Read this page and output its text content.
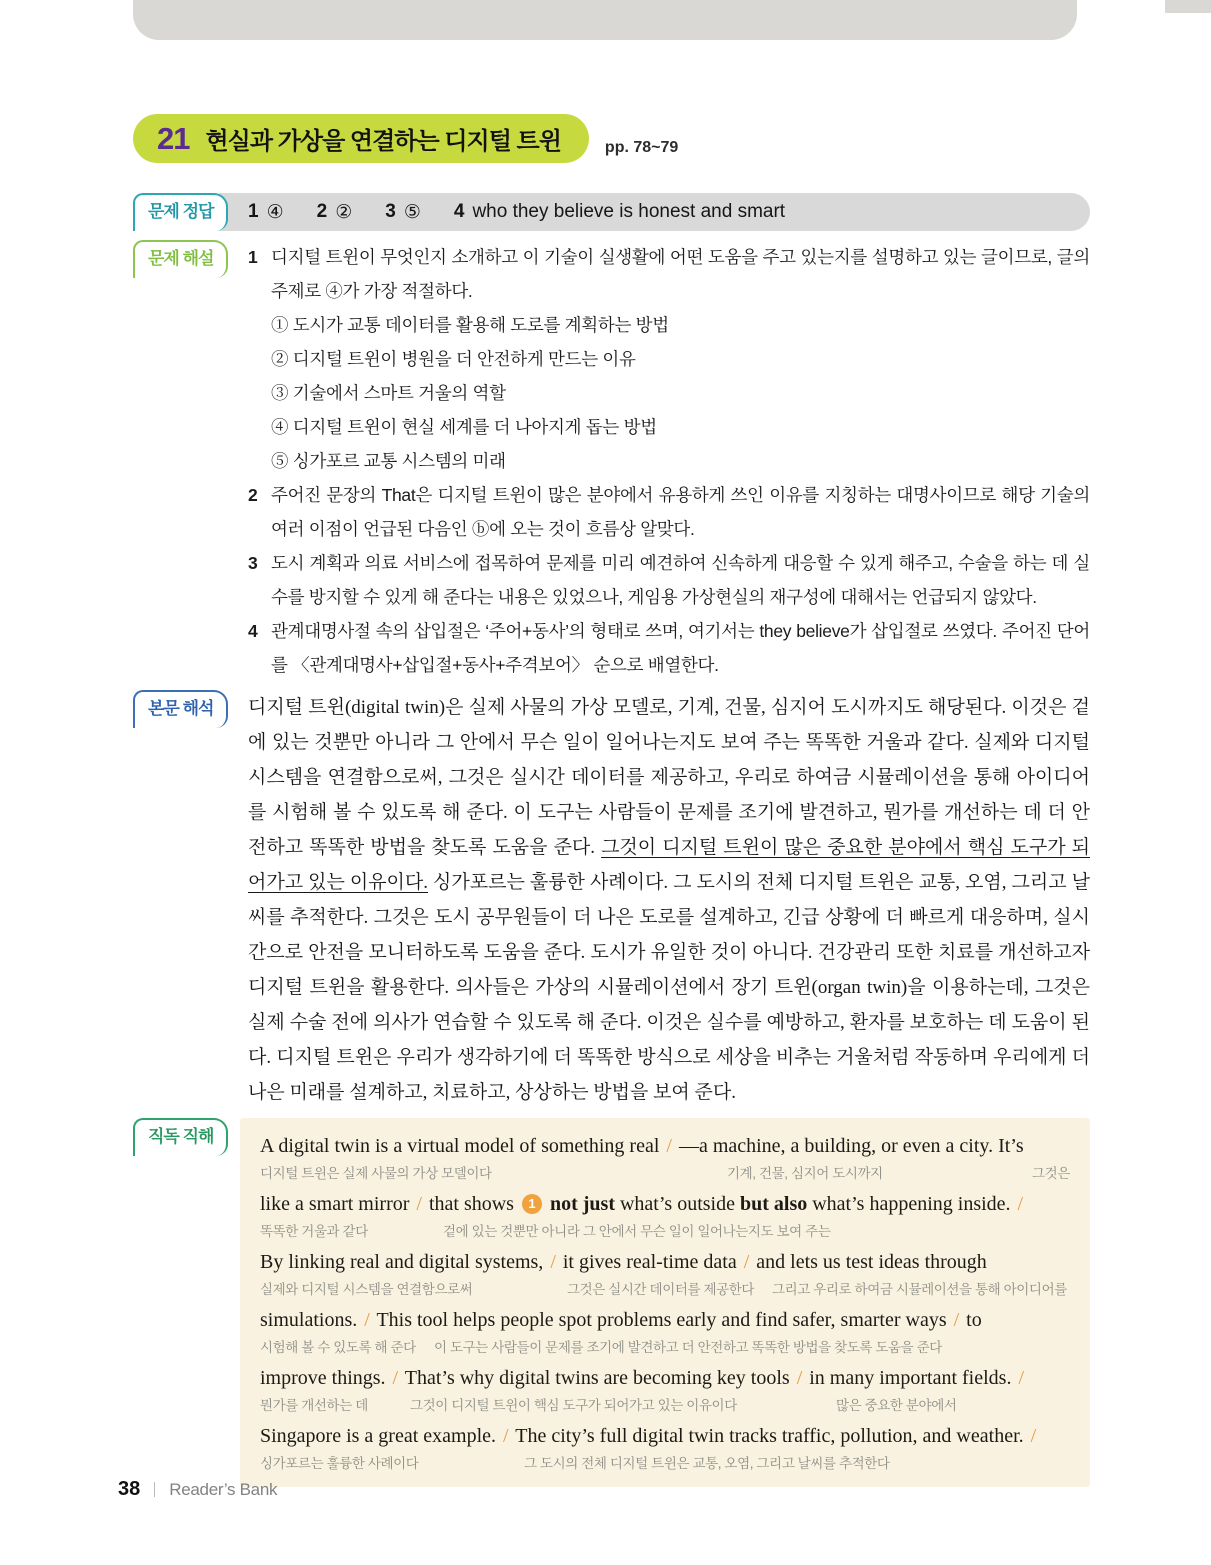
21 현실과 가상을 연결하는 디지털 트윈	pp. 78~79
1 ④ 2 ② 3 ⑤ 4 who they believe is honest and smart
문제 정답
문제 해설	1 디지털 트윈이 무엇인지 소개하고 이 기술이 실생활에 어떤 도움을 주고 있는지를 설명하고 있는 글이므로, 글의 주제로 ④가 가장 적절하다.
① 도시가 교통 데이터를 활용해 도로를 계획하는 방법
② 디지털 트윈이 병원을 더 안전하게 만드는 이유
③ 기술에서 스마트 거울의 역할
④ 디지털 트윈이 현실 세계를 더 나아지게 돕는 방법
⑤ 싱가포르 교통 시스템의 미래
2 주어진 문장의 That은 디지털 트윈이 많은 분야에서 유용하게 쓰인 이유를 지칭하는 대명사이므로 해당 기술의 여러 이점이 언급된 다음인 ⓑ에 오는 것이 흐름상 알맞다.
3 도시 계획과 의료 서비스에 접목하여 문제를 미리 예견하여 신속하게 대응할 수 있게 해주고, 수술을 하는 데 실수를 방지할 수 있게 해 준다는 내용은 있었으나, 게임용 가상현실의 재구성에 대해서는 언급되지 않았다.
4 관계대명사절 속의 삽입절은 ‘주어+동사’의 형태로 쓰며, 여기서는 they believe가 삽입절로 쓰였다. 주어진 단어를 〈관계대명사+삽입절+동사+주격보어〉 순으로 배열한다.
본문 해석	디지털 트윈(digital twin)은 실제 사물의 가상 모델로, 기계, 건물, 심지어 도시까지도 해당된다. 이것은 겉에 있는 것뿐만 아니라 그 안에서 무슨 일이 일어나는지도 보여 주는 똑똑한 거울과 같다. 실제와 디지털 시스템을 연결함으로써, 그것은 실시간 데이터를 제공하고, 우리로 하여금 시뮬레이션을 통해 아이디어를 시험해 볼 수 있도록 해 준다. 이 도구는 사람들이 문제를 조기에 발견하고, 뭔가를 개선하는 데 더 안전하고 똑똑한 방법을 찾도록 도움을 준다. 그것이 디지털 트윈이 많은 중요한 분야에서 핵심 도구가 되어가고 있는 이유이다. 싱가포르는 훌륭한 사례이다. 그 도시의 전체 디지털 트윈은 교통, 오염, 그리고 날씨를 추적한다. 그것은 도시 공무원들이 더 나은 도로를 설계하고, 긴급 상황에 더 빠르게 대응하며, 실시간으로 안전을 모니터하도록 도움을 준다. 도시가 유일한 것이 아니다. 건강관리 또한 치료를 개선하고자 디지털 트윈을 활용한다. 의사들은 가상의 시뮬레이션에서 장기 트윈(organ twin)을 이용하는데, 그것은 실제 수술 전에 의사가 연습할 수 있도록 해 준다. 이것은 실수를 예방하고, 환자를 보호하는 데 도움이 된다. 디지털 트윈은 우리가 생각하기에 더 똑똑한 방식으로 세상을 비추는 거울처럼 작동하며 우리에게 더 나은 미래를 설계하고, 치료하고, 상상하는 방법을 보여 준다.
직독 직해	A digital twin is a virtual model of something real / —a machine, a building, or even a city. It’s
디지털 트윈은 실제 사물의 가상 모델이다	기계, 건물, 심지어 도시까지	그것은
like a smart mirror / that shows 1 not just what’s outside but also what’s happening inside. /
똑똑한 거울과 같다	겉에 있는 것뿐만 아니라 그 안에서 무슨 일이 일어나는지도 보여 주는
By linking real and digital systems, / it gives real-time data / and lets us test ideas through
실제와 디지털 시스템을 연결함으로써	그것은 실시간 데이터를 제공한다 그리고 우리로 하여금 시뮬레이션을 통해 아이디어를
simulations. / This tool helps people spot problems early and find safer, smarter ways / to
시험해 볼 수 있도록 해 준다 이 도구는 사람들이 문제를 조기에 발견하고 더 안전하고 똑똑한 방법을 찾도록 도움을 준다
improve things. / That’s why digital twins are becoming key tools / in many important fields. /
뭔가를 개선하는 데	그것이 디지털 트윈이 핵심 도구가 되어가고 있는 이유이다	많은 중요한 분야에서
Singapore is a great example. / The city’s full digital twin tracks traffic, pollution, and weather. /
싱가포르는 훌륭한 사례이다	그 도시의 전체 디지털 트윈은 교통, 오염, 그리고 날씨를 추적한다
38 Reader’s Bank
